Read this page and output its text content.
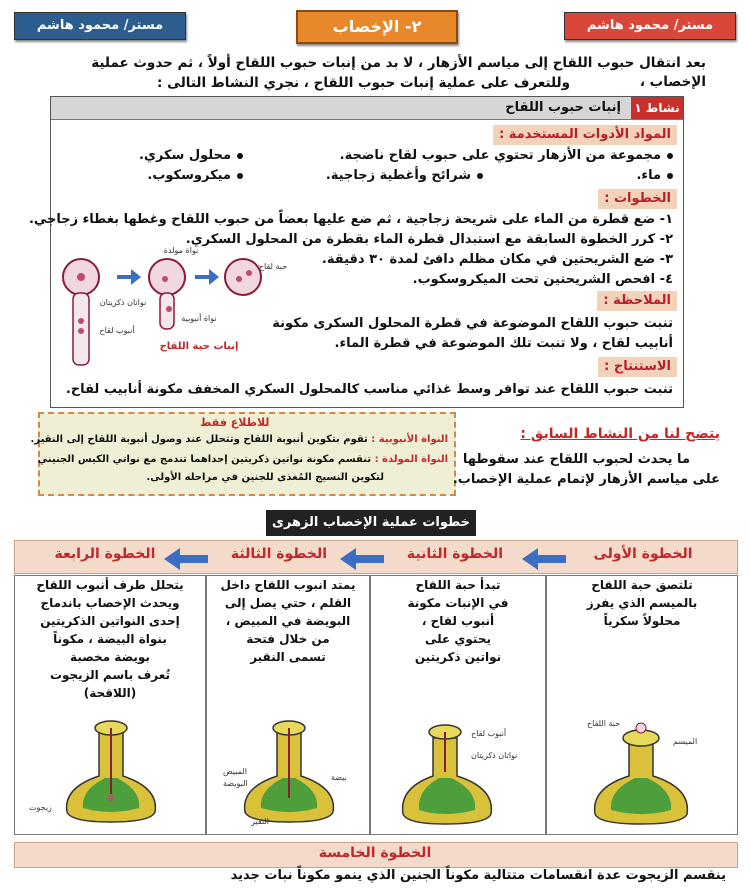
مستر/ محمود هاشم
٢- الإخصاب
مستر/ محمود هاشم
بعد انتقال حبوب اللقاح إلى مياسم الأزهار ، لا بد من إنبات حبوب اللقاح أولاً ، ثم حدوث عملية الإخصاب ،
وللتعرف على عملية إنبات حبوب اللقاح ، نجري النشاط التالى :
نشاط ١
إنبات حبوب اللقاح
المواد الأدوات المستخدمة :
مجموعة من الأزهار تحتوي على حبوب لقاح ناضجة.
محلول سكري.
ماء.
شرائح وأغطية زجاجية.
ميكروسكوب.
الخطوات :
١- ضع قطرة من الماء على شريحة زجاجية ، ثم ضع عليها بعضاً من حبوب اللقاح وغطها بغطاء زجاجي.
٢- كرر الخطوة السابقة مع استبدال قطرة الماء بقطرة من المحلول السكري.
٣- ضع الشريحتين في مكان مظلم دافئ لمدة ٣٠ دقيقة.
٤- افحص الشريحتين تحت الميكروسكوب.
الملاحظة :
تنبت حبوب اللقاح الموضوعة في قطرة المحلول السكرى مكونة
أنابيب لقاح ، ولا تنبت تلك الموضوعة في قطرة الماء.
الاستنتاج :
تنبت حبوب اللقاح عند توافر وسط غذائي مناسب كالمحلول السكري المخفف مكونة أنابيب لقاح.
حبة لقاح
نواة مولدة
نواتان ذكريتان
نواة أنبوبية
أنبوب لقاح
إنبات حبة اللقاح
للاطلاع فقط
النواة الأنبوبية : تقوم بتكوين أنبوبة اللقاح وتتحلل عند وصول أنبوبة اللقاح إلى النقير.
النواة المولدة : تنقسم مكونة نواتين ذكريتين إحداهما تندمج مع نواتي الكيس الجنيني
لتكوين النسيج المُغذى للجنين في مراحله الأولى.
يتضح لنا من النشاط السابق :
ما يحدث لحبوب اللقاح عند سقوطها
على مياسم الأزهار لإتمام عملية الإخصاب.
خطوات عملية الإخصاب الزهرى
الخطوة الأولى
الخطوة الثانية
الخطوة الثالثة
الخطوة الرابعة
تلتصق حبة اللقاح
بالميسم الذي يفرز
محلولاً سكرياً
حبة اللقاح
الميسم
تبدأ حبة اللقاح
في الإنبات مكونة
أنبوب لقاح ،
يحتوي على
نواتين ذكريتين
أنبوب لقاح
نواتان ذكريتان
يمتد انبوب اللقاح داخل
القلم ، حتي يصل إلى
البويضة في المبيض ،
من خلال فتحة
تسمى النقير
المبيض
البويضة
بيضة
النقير
يتحلل طرف أنبوب اللقاح
ويحدث الإخصاب باندماج
إحدى النواتين الذكريتين
بنواة البيضة ، مكوناً
بويضة مخصبة
تُعرف باسم الزيجوت
(اللاقحة)
زيجوت
الخطوة الخامسة
ينقسم الزيجوت عدة انقسامات متتالية مكوناً الجنين الذي ينمو مكوناً نبات جديد
